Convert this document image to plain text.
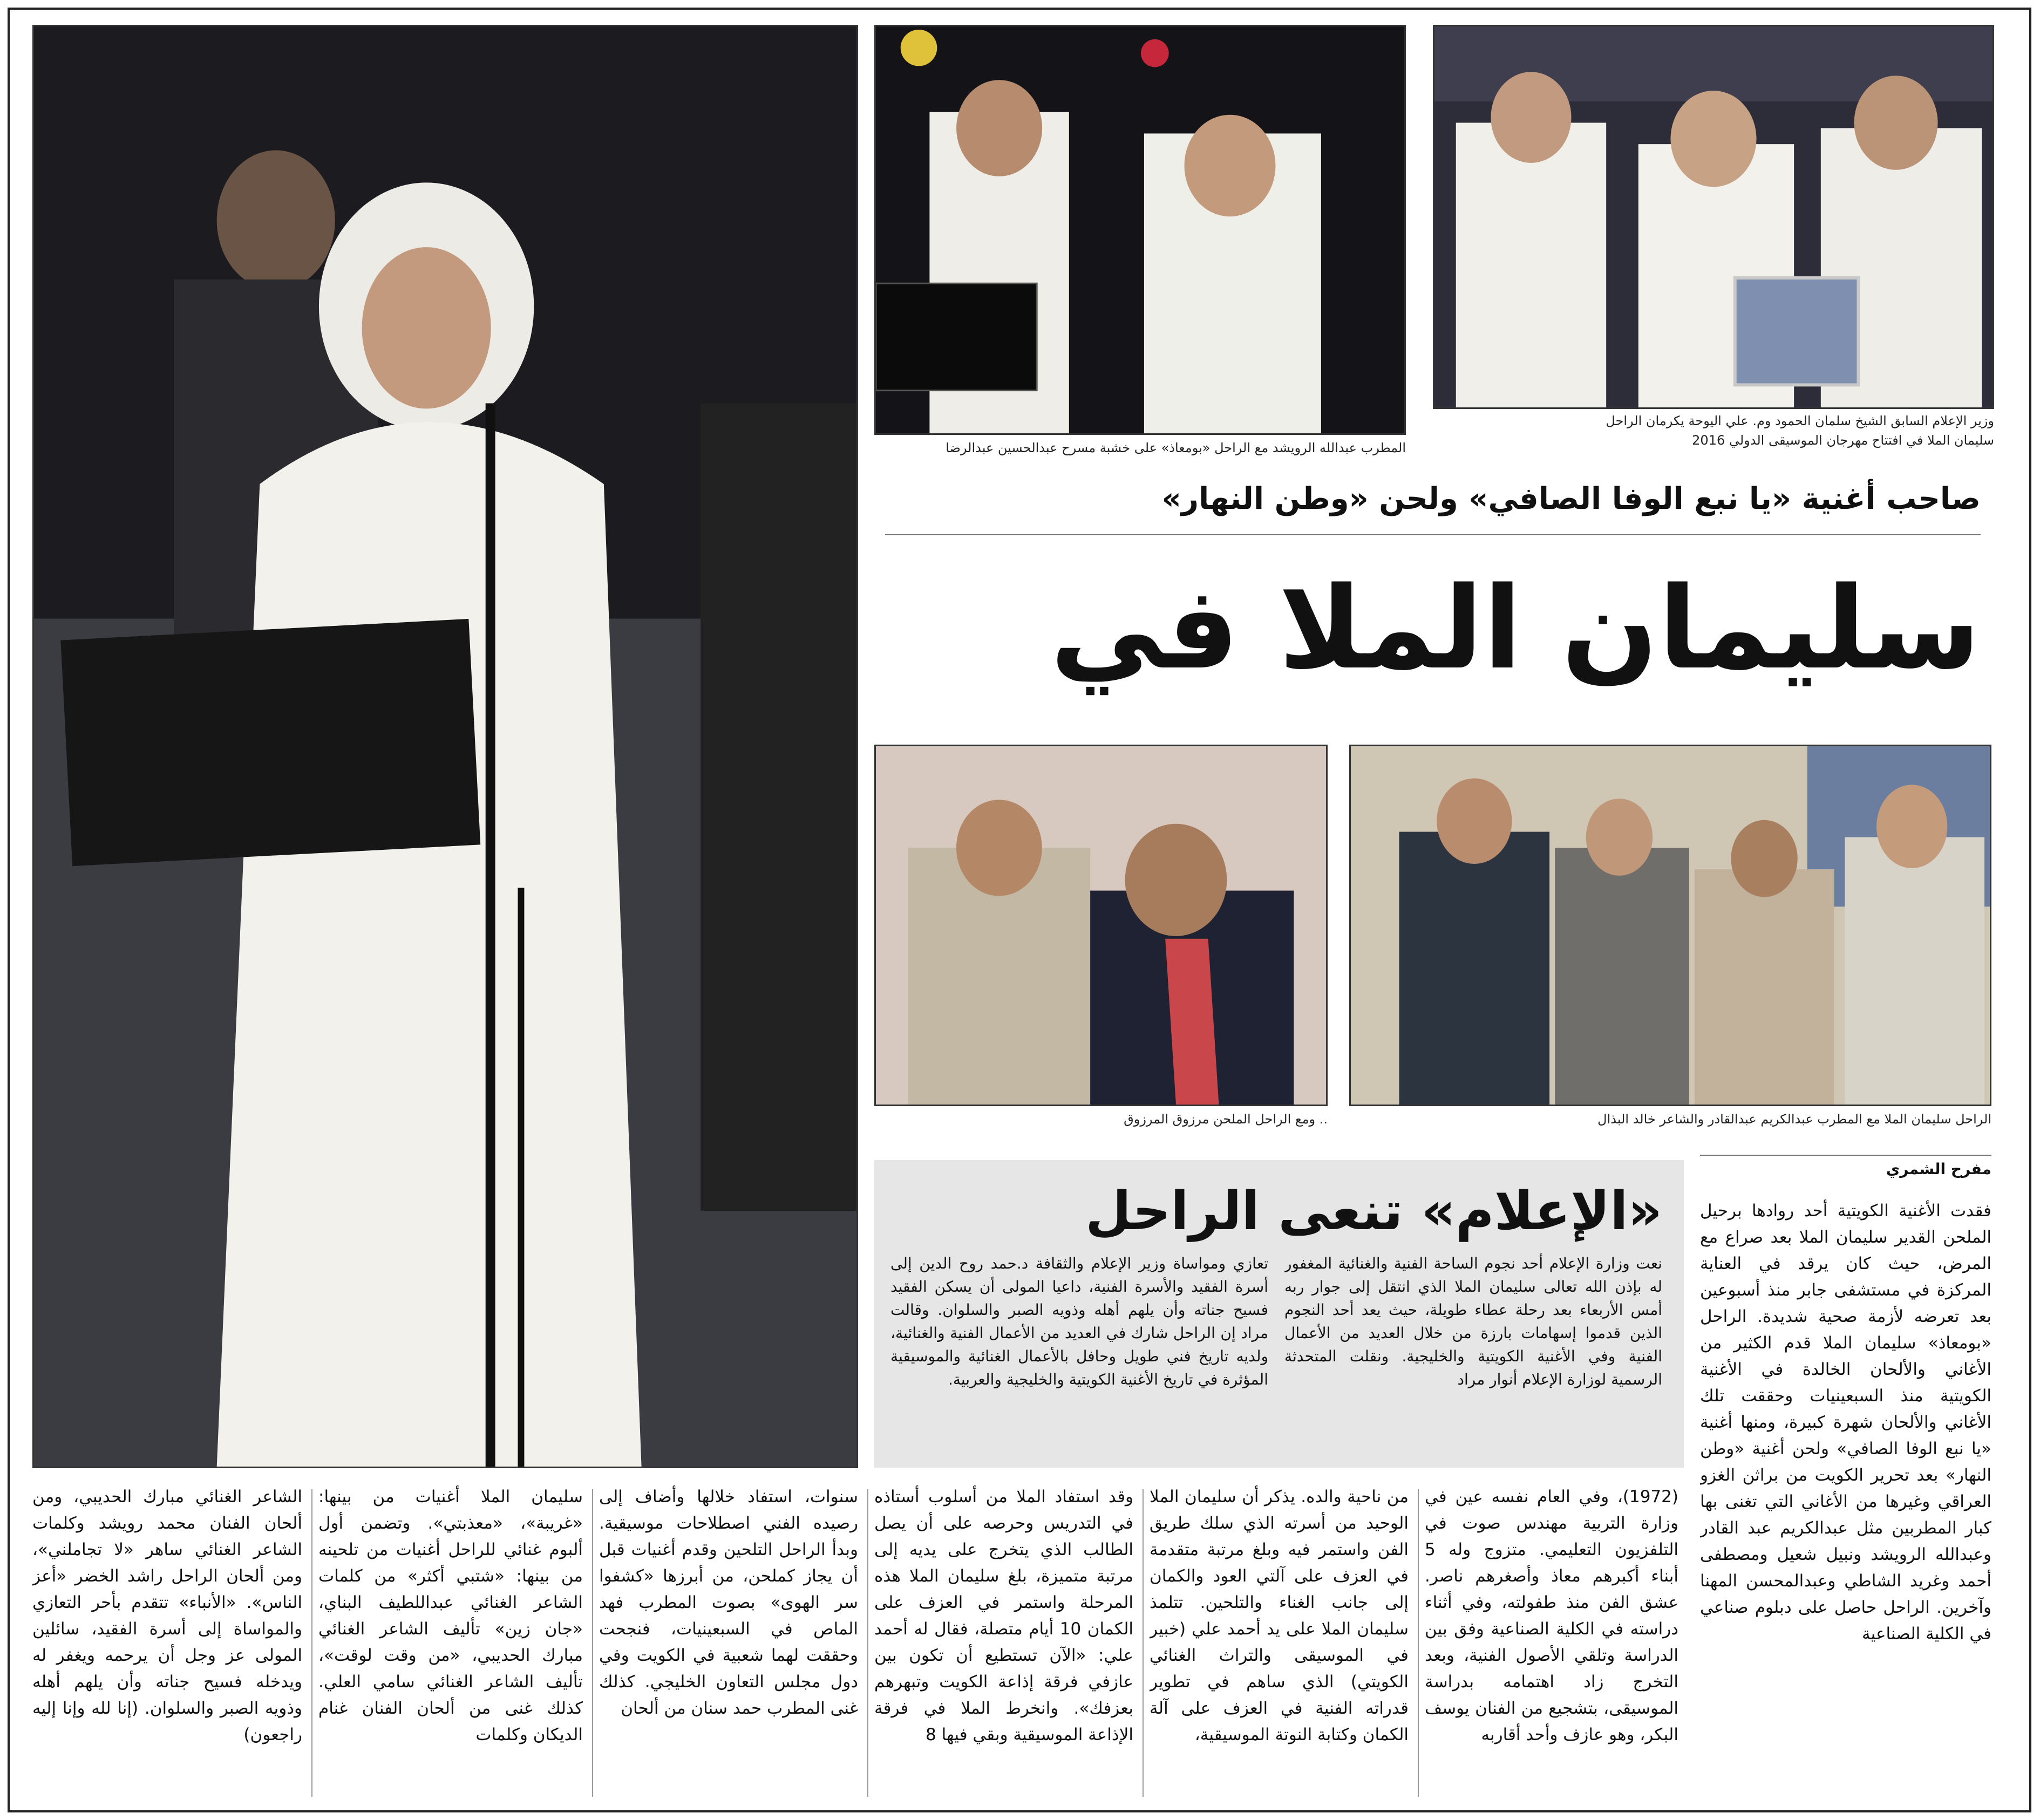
المطرب عبدالله الرويشد مع الراحل «بومعاذ» على خشبة مسرح عبدالحسين عبدالرضا
وزير الإعلام السابق الشيخ سلمان الحمود وم. علي اليوحة يكرمان الراحل
سليمان الملا في افتتاح مهرجان الموسيقى الدولي 2016
صاحب أغنية «يا نبع الوفا الصافي» ولحن «وطن النهار»
سليمان الملا في
الراحل سليمان الملا مع المطرب عبدالكريم عبدالقادر والشاعر خالد البذال
.. ومع الراحل الملحن مرزوق المرزوق
مفرح الشمري
فقدت الأغنية الكويتية أحد روادها برحيل الملحن القدير سليمان الملا بعد صراع مع المرض، حيث كان يرقد في العناية المركزة في مستشفى جابر منذ أسبوعين بعد تعرضه لأزمة صحية شديدة. الراحل «بومعاذ» سليمان الملا قدم الكثير من الأغاني والألحان الخالدة في الأغنية الكويتية منذ السبعينيات وحققت تلك الأغاني والألحان شهرة كبيرة، ومنها أغنية «يا نبع الوفا الصافي» ولحن أغنية «وطن النهار» بعد تحرير الكويت من براثن الغزو العراقي وغيرها من الأغاني التي تغنى بها كبار المطربين مثل عبدالكريم عبد القادر وعبدالله الرويشد ونبيل شعيل ومصطفى أحمد وغريد الشاطي وعبدالمحسن المهنا وآخرين. الراحل حاصل على دبلوم صناعي في الكلية الصناعية
«الإعلام» تنعى الراحل
نعت وزارة الإعلام أحد نجوم الساحة الفنية والغنائية المغفور له بإذن الله تعالى سليمان الملا الذي انتقل إلى جوار ربه أمس الأربعاء بعد رحلة عطاء طويلة، حيث يعد أحد النجوم الذين قدموا إسهامات بارزة من خلال العديد من الأعمال الفنية وفي الأغنية الكويتية والخليجية. ونقلت المتحدثة الرسمية لوزارة الإعلام أنوار مراد
تعازي ومواساة وزير الإعلام والثقافة د.حمد روح الدين إلى أسرة الفقيد والأسرة الفنية، داعيا المولى أن يسكن الفقيد فسيح جناته وأن يلهم أهله وذويه الصبر والسلوان. وقالت مراد إن الراحل شارك في العديد من الأعمال الفنية والغنائية، ولديه تاريخ فني طويل وحافل بالأعمال الغنائية والموسيقية المؤثرة في تاريخ الأغنية الكويتية والخليجية والعربية.
(1972)، وفي العام نفسه عين في وزارة التربية مهندس صوت في التلفزيون التعليمي. متزوج وله 5 أبناء أكبرهم معاذ وأصغرهم ناصر. عشق الفن منذ طفولته، وفي أثناء دراسته في الكلية الصناعية وفق بين الدراسة وتلقي الأصول الفنية، وبعد التخرج زاد اهتمامه بدراسة الموسيقى، بتشجيع من الفنان يوسف البكر، وهو عازف وأحد أقاربه
من ناحية والده. يذكر أن سليمان الملا الوحيد من أسرته الذي سلك طريق الفن واستمر فيه وبلغ مرتبة متقدمة في العزف على آلتي العود والكمان إلى جانب الغناء والتلحين. تتلمذ سليمان الملا على يد أحمد علي (خبير في الموسيقى والتراث الغنائي الكويتي) الذي ساهم في تطوير قدراته الفنية في العزف على آلة الكمان وكتابة النوتة الموسيقية،
وقد استفاد الملا من أسلوب أستاذه في التدريس وحرصه على أن يصل الطالب الذي يتخرج على يديه إلى مرتبة متميزة، بلغ سليمان الملا هذه المرحلة واستمر في العزف على الكمان 10 أيام متصلة، فقال له أحمد علي: «الآن تستطيع أن تكون بين عازفي فرقة إذاعة الكويت وتبهرهم بعزفك». وانخرط الملا في فرقة الإذاعة الموسيقية وبقي فيها 8
سنوات، استفاد خلالها وأضاف إلى رصيده الفني اصطلاحات موسيقية. وبدأ الراحل التلحين وقدم أغنيات قبل أن يجاز كملحن، من أبرزها «كشفوا سر الهوى» بصوت المطرب فهد الماص في السبعينيات، فنجحت وحققت لهما شعبية في الكويت وفي دول مجلس التعاون الخليجي. كذلك غنى المطرب حمد سنان من ألحان
سليمان الملا أغنيات من بينها: «غريبة»، «معذبتي». وتضمن أول ألبوم غنائي للراحل أغنيات من تلحينه من بينها: «شتبي أكثر» من كلمات الشاعر الغنائي عبداللطيف البناي، «جان زين» تأليف الشاعر الغنائي مبارك الحديبي، «من وقت لوقت»، تأليف الشاعر الغنائي سامي العلي. كذلك غنى من ألحان الفنان غنام الديكان وكلمات
الشاعر الغنائي مبارك الحديبي، ومن ألحان الفنان محمد رويشد وكلمات الشاعر الغنائي ساهر «لا تجاملني»، ومن ألحان الراحل راشد الخضر «أعز الناس». «الأنباء» تتقدم بأحر التعازي والمواساة إلى أسرة الفقيد، سائلين المولى عز وجل أن يرحمه ويغفر له ويدخله فسيح جناته وأن يلهم أهله وذويه الصبر والسلوان. (إنا لله وإنا إليه راجعون)
